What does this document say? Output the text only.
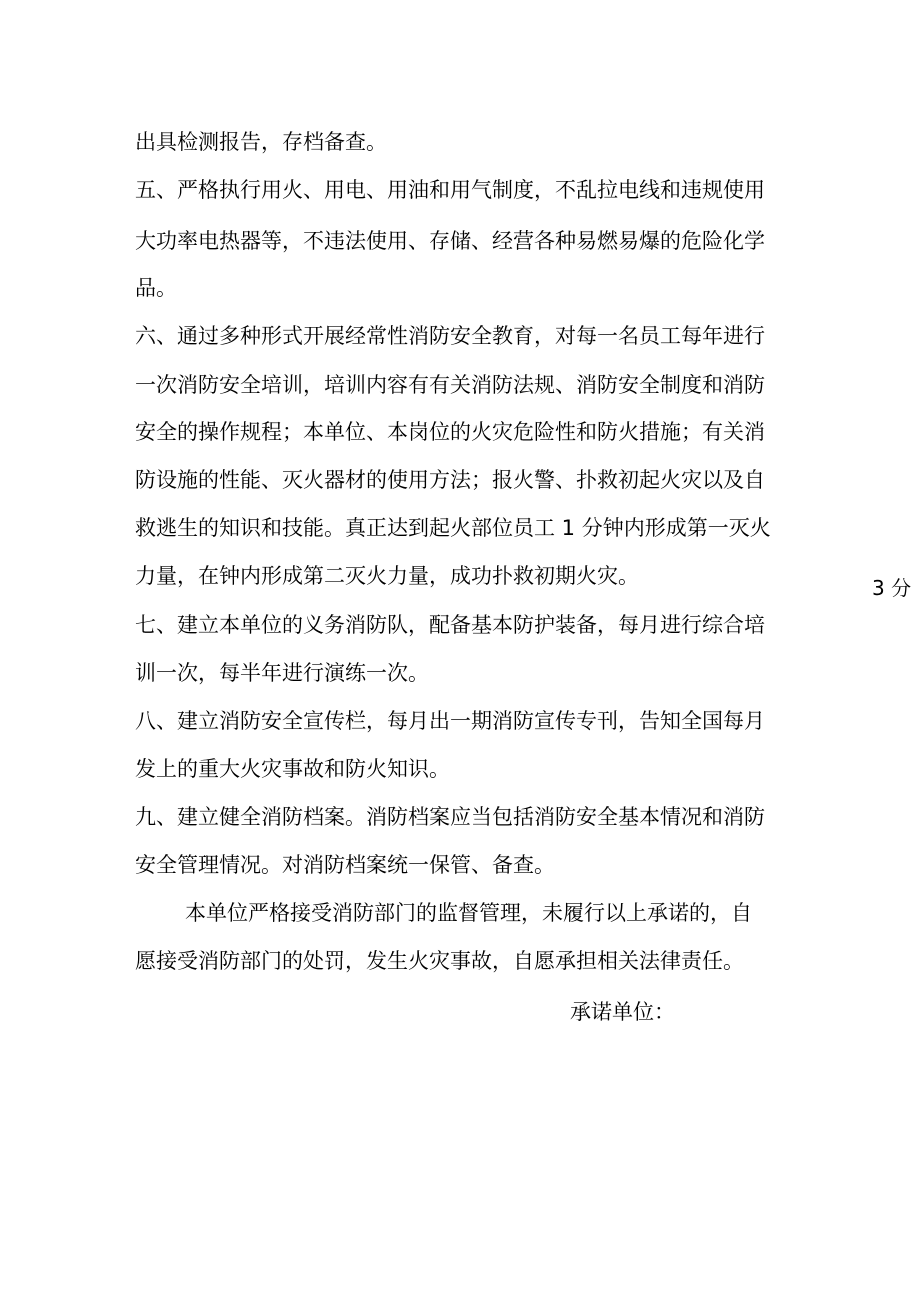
出具检测报告，存档备查。
五、严格执行用火、用电、用油和用气制度，不乱拉电线和违规使用
大功率电热器等，不违法使用、存储、经营各种易燃易爆的危险化学
品。
六、通过多种形式开展经常性消防安全教育，对每一名员工每年进行
一次消防安全培训，培训内容有有关消防法规、消防安全制度和消防
安全的操作规程；本单位、本岗位的火灾危险性和防火措施；有关消
防设施的性能、灭火器材的使用方法；报火警、扑救初起火灾以及自
救逃生的知识和技能。真正达到起火部位员工 1 分钟内形成第一灭火
力量，在钟内形成第二灭火力量，成功扑救初期火灾。
七、建立本单位的义务消防队，配备基本防护装备，每月进行综合培
训一次，每半年进行演练一次。
八、建立消防安全宣传栏，每月出一期消防宣传专刊，告知全国每月
发上的重大火灾事故和防火知识。
九、建立健全消防档案。消防档案应当包括消防安全基本情况和消防
安全管理情况。对消防档案统一保管、备查。
本单位严格接受消防部门的监督管理，未履行以上承诺的，自
愿接受消防部门的处罚，发生火灾事故，自愿承担相关法律责任。
承诺单位：
3 分
